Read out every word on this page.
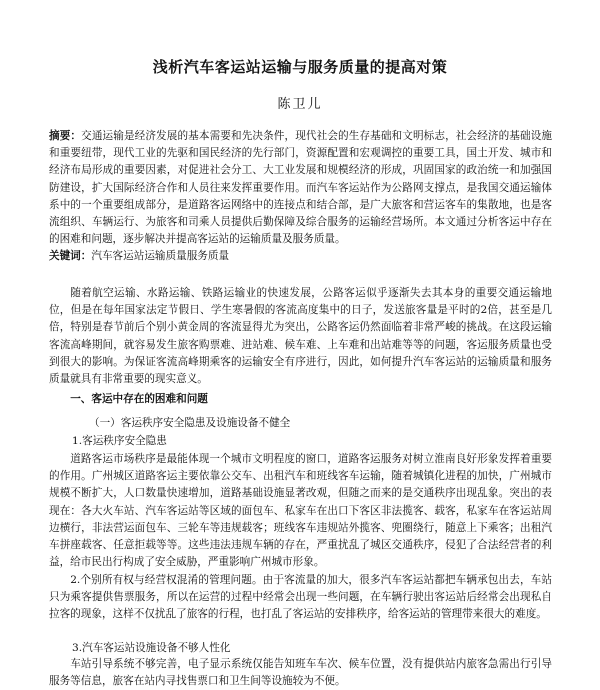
浅析汽车客运站运输与服务质量的提高对策
陈卫儿
摘要：交通运输是经济发展的基本需要和先决条件，现代社会的生存基础和文明标志，社会经济的基础设施和重要纽带，现代工业的先驱和国民经济的先行部门，资源配置和宏观调控的重要工具，国土开发、城市和经济布局形成的重要因素，对促进社会分工、大工业发展和规模经济的形成，巩固国家的政治统一和加强国防建设，扩大国际经济合作和人员往来发挥重要作用。而汽车客运站作为公路网支撑点，是我国交通运输体系中的一个重要组成部分，是道路客运网络中的连接点和结合部，是广大旅客和营运客车的集散地，也是客流组织、车辆运行、为旅客和司乘人员提供后勤保障及综合服务的运输经营场所。本文通过分析客运中存在的困难和问题，逐步解决并提高客运站的运输质量及服务质量。
关键词：汽车客运站运输质量服务质量
随着航空运输、水路运输、铁路运输业的快速发展，公路客运似乎逐渐失去其本身的重要交通运输地位，但是在每年国家法定节假日、学生寒暑假的客流高度集中的日子，发送旅客量是平时的2倍，甚至是几倍，特别是春节前后个别小黄金周的客流显得尤为突出，公路客运仍然面临着非常严峻的挑战。在这段运输客流高峰期间，就容易发生旅客购票难、进站难、候车难、上车难和出站难等等的问题，客运服务质量也受到很大的影响。为保证客流高峰期乘客的运输安全有序进行，因此，如何提升汽车客运站的运输质量和服务质量就具有非常重要的现实意义。
一、客运中存在的困难和问题
（一）客运秩序安全隐患及设施设备不健全
1.客运秩序安全隐患
道路客运市场秩序是最能体现一个城市文明程度的窗口，道路客运服务对树立淮南良好形象发挥着重要的作用。广州城区道路客运主要依靠公交车、出租汽车和班线客车运输，随着城镇化进程的加快，广州城市规模不断扩大，人口数量快速增加，道路基础设施显著改观，但随之而来的是交通秩序出现乱象。突出的表现在：各大火车站、汽车客运站等区域的面包车、私家车在出口下客区非法揽客、载客，私家车在客运站周边横行，非法营运面包车、三轮车等违规载客；班线客车违规站外揽客、兜圈绕行，随意上下乘客；出租汽车拼座载客、任意拒载等等。这些违法违规车辆的存在，严重扰乱了城区交通秩序，侵犯了合法经营者的利益，给市民出行构成了安全威胁，严重影响广州城市形象。
2.个别所有权与经营权混淆的管理问题。由于客流量的加大，很多汽车客运站都把车辆承包出去，车站只为乘客提供售票服务，所以在运营的过程中经常会出现一些问题，在车辆行驶出客运站后经常会出现私自拉客的现象，这样不仅扰乱了旅客的行程，也打乱了客运站的安排秩序，给客运站的管理带来很大的难度。
3.汽车客运站设施设备不够人性化
车站引导系统不够完善，电子显示系统仅能告知班车车次、候车位置，没有提供站内旅客急需出行引导服务等信息，旅客在站内寻找售票口和卫生间等设施较为不便。
